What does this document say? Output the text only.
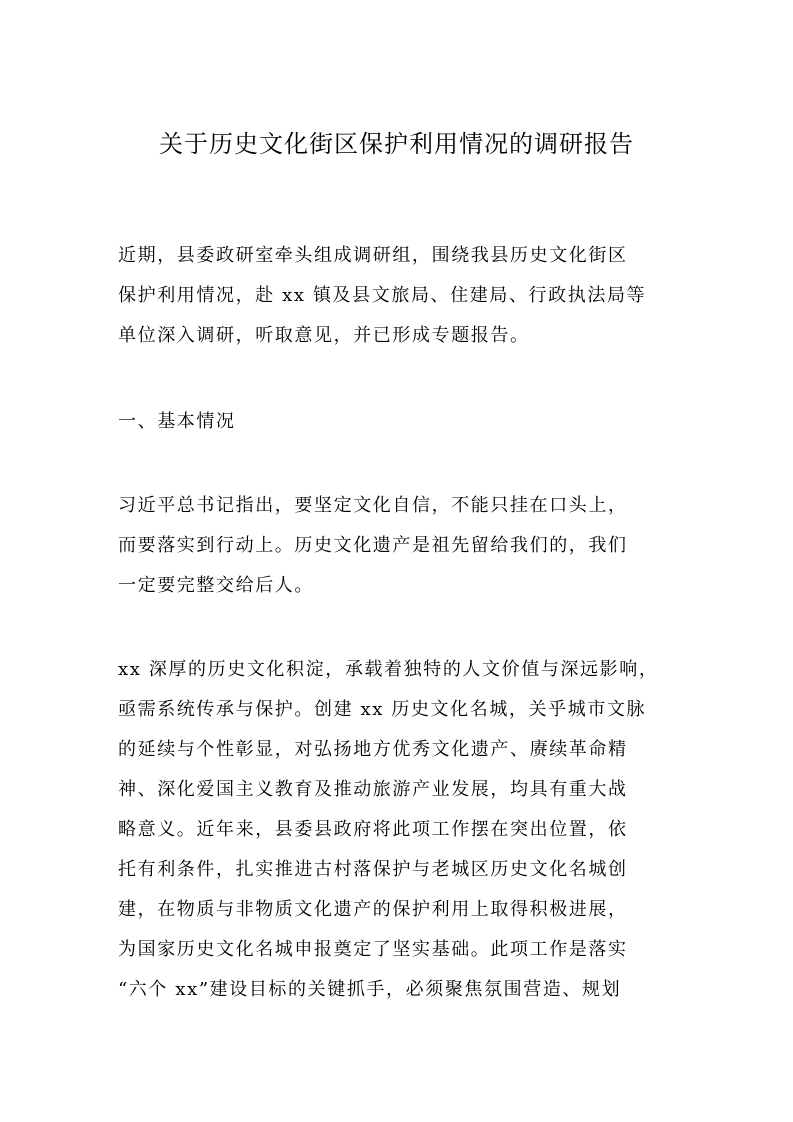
关于历史文化街区保护利用情况的调研报告
近期，县委政研室牵头组成调研组，围绕我县历史文化街区
保护利用情况，赴 xx 镇及县文旅局、住建局、行政执法局等
单位深入调研，听取意见，并已形成专题报告。
一、基本情况
习近平总书记指出，要坚定文化自信，不能只挂在口头上，
而要落实到行动上。历史文化遗产是祖先留给我们的，我们
一定要完整交给后人。
xx 深厚的历史文化积淀，承载着独特的人文价值与深远影响，
亟需系统传承与保护。创建 xx 历史文化名城，关乎城市文脉
的延续与个性彰显，对弘扬地方优秀文化遗产、赓续革命精
神、深化爱国主义教育及推动旅游产业发展，均具有重大战
略意义。近年来，县委县政府将此项工作摆在突出位置，依
托有利条件，扎实推进古村落保护与老城区历史文化名城创
建，在物质与非物质文化遗产的保护利用上取得积极进展，
为国家历史文化名城申报奠定了坚实基础。此项工作是落实
“六个 xx”建设目标的关键抓手，必须聚焦氛围营造、规划
